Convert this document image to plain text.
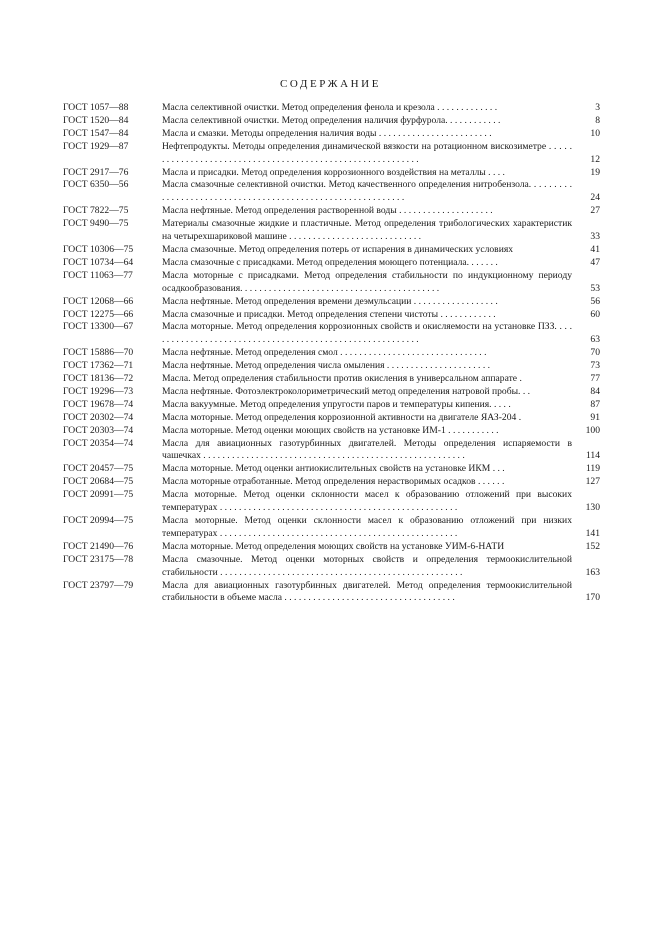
СОДЕРЖАНИЕ
ГОСТ 1057—88	Масла селективной очистки. Метод определения фенола и крезола . . . . . . . . . . . . .	3
ГОСТ 1520—84	Масла селективной очистки. Метод определения наличия фурфурола. . . . . . . . . . . .	8
ГОСТ 1547—84	Масла и смазки. Методы определения наличия воды . . . . . . . . . . . . . . . . . . . . . . . .	10
ГОСТ 1929—87	Нефтепродукты. Методы определения динамической вязкости на ротационном вискозиметре . . . . . . . . . . . . . . . . . . . . . . . . . . . . . . . . . . . . . . . . . . . . . . . . . . . . . . . . . . .	12
ГОСТ 2917—76	Масла и присадки. Метод определения коррозионного воздействия на металлы . . . .	19
ГОСТ 6350—56	Масла смазочные селективной очистки. Метод качественного определения нитробензола. . . . . . . . . . . . . . . . . . . . . . . . . . . . . . . . . . . . . . . . . . . . . . . . . . . . . . . . . . . .	24
ГОСТ 7822—75	Масла нефтяные. Метод определения растворенной воды . . . . . . . . . . . . . . . . . . . .	27
ГОСТ 9490—75	Материалы смазочные жидкие и пластичные. Метод определения трибологических характеристик на четырехшариковой машине . . . . . . . . . . . . . . . . . . . . . . . . . . . .	33
ГОСТ 10306—75	Масла смазочные. Метод определения потерь от испарения в динамических условиях	41
ГОСТ 10734—64	Масла смазочные с присадками. Метод определения моющего потенциала. . . . . . .	47
ГОСТ 11063—77	Масла моторные с присадками. Метод определения стабильности по индукционному периоду осадкообразования. . . . . . . . . . . . . . . . . . . . . . . . . . . . . . . . . . . . . . . . . .	53
ГОСТ 12068—66	Масла нефтяные. Метод определения времени деэмульсации . . . . . . . . . . . . . . . . . .	56
ГОСТ 12275—66	Масла смазочные и присадки. Метод определения степени чистоты . . . . . . . . . . . .	60
ГОСТ 13300—67	Масла моторные. Метод определения коррозионных свойств и окисляемости на установке ПЗЗ. . . . . . . . . . . . . . . . . . . . . . . . . . . . . . . . . . . . . . . . . . . . . . . . . . . . . . . . . .	63
ГОСТ 15886—70	Масла нефтяные. Метод определения смол . . . . . . . . . . . . . . . . . . . . . . . . . . . . . . .	70
ГОСТ 17362—71	Масла нефтяные. Метод определения числа омыления . . . . . . . . . . . . . . . . . . . . . .	73
ГОСТ 18136—72	Масла. Метод определения стабильности против окисления в универсальном аппарате .	77
ГОСТ 19296—73	Масла нефтяные. Фотоэлектроколориметрический метод определения натровой пробы. . .	84
ГОСТ 19678—74	Масла вакуумные. Метод определения упругости паров и температуры кипения. . . . .	87
ГОСТ 20302—74	Масла моторные. Метод определения коррозионной активности на двигателе ЯАЗ-204 .	91
ГОСТ 20303—74	Масла моторные. Метод оценки моющих свойств на установке ИМ-1 . . . . . . . . . . .	100
ГОСТ 20354—74	Масла для авиационных газотурбинных двигателей. Методы определения испаряемости в чашечках . . . . . . . . . . . . . . . . . . . . . . . . . . . . . . . . . . . . . . . . . . . . . . . . . . . . . . .	114
ГОСТ 20457—75	Масла моторные. Метод оценки антиокислительных свойств на установке ИКМ . . .	119
ГОСТ 20684—75	Масла моторные отработанные. Метод определения нерастворимых осадков . . . . . .	127
ГОСТ 20991—75	Масла моторные. Метод оценки склонности масел к образованию отложений при высоких температурах . . . . . . . . . . . . . . . . . . . . . . . . . . . . . . . . . . . . . . . . . . . . . . . . . .	130
ГОСТ 20994—75	Масла моторные. Метод оценки склонности масел к образованию отложений при низких температурах . . . . . . . . . . . . . . . . . . . . . . . . . . . . . . . . . . . . . . . . . . . . . . . . . .	141
ГОСТ 21490—76	Масла моторные. Метод определения моющих свойств на установке УИМ-6-НАТИ	152
ГОСТ 23175—78	Масла смазочные. Метод оценки моторных свойств и определения термоокислительной стабильности . . . . . . . . . . . . . . . . . . . . . . . . . . . . . . . . . . . . . . . . . . . . . . . . . . .	163
ГОСТ 23797—79	Масла для авиационных газотурбинных двигателей. Метод определения термоокислительной стабильности в объеме масла . . . . . . . . . . . . . . . . . . . . . . . . . . . . . . . . . . . .	170
